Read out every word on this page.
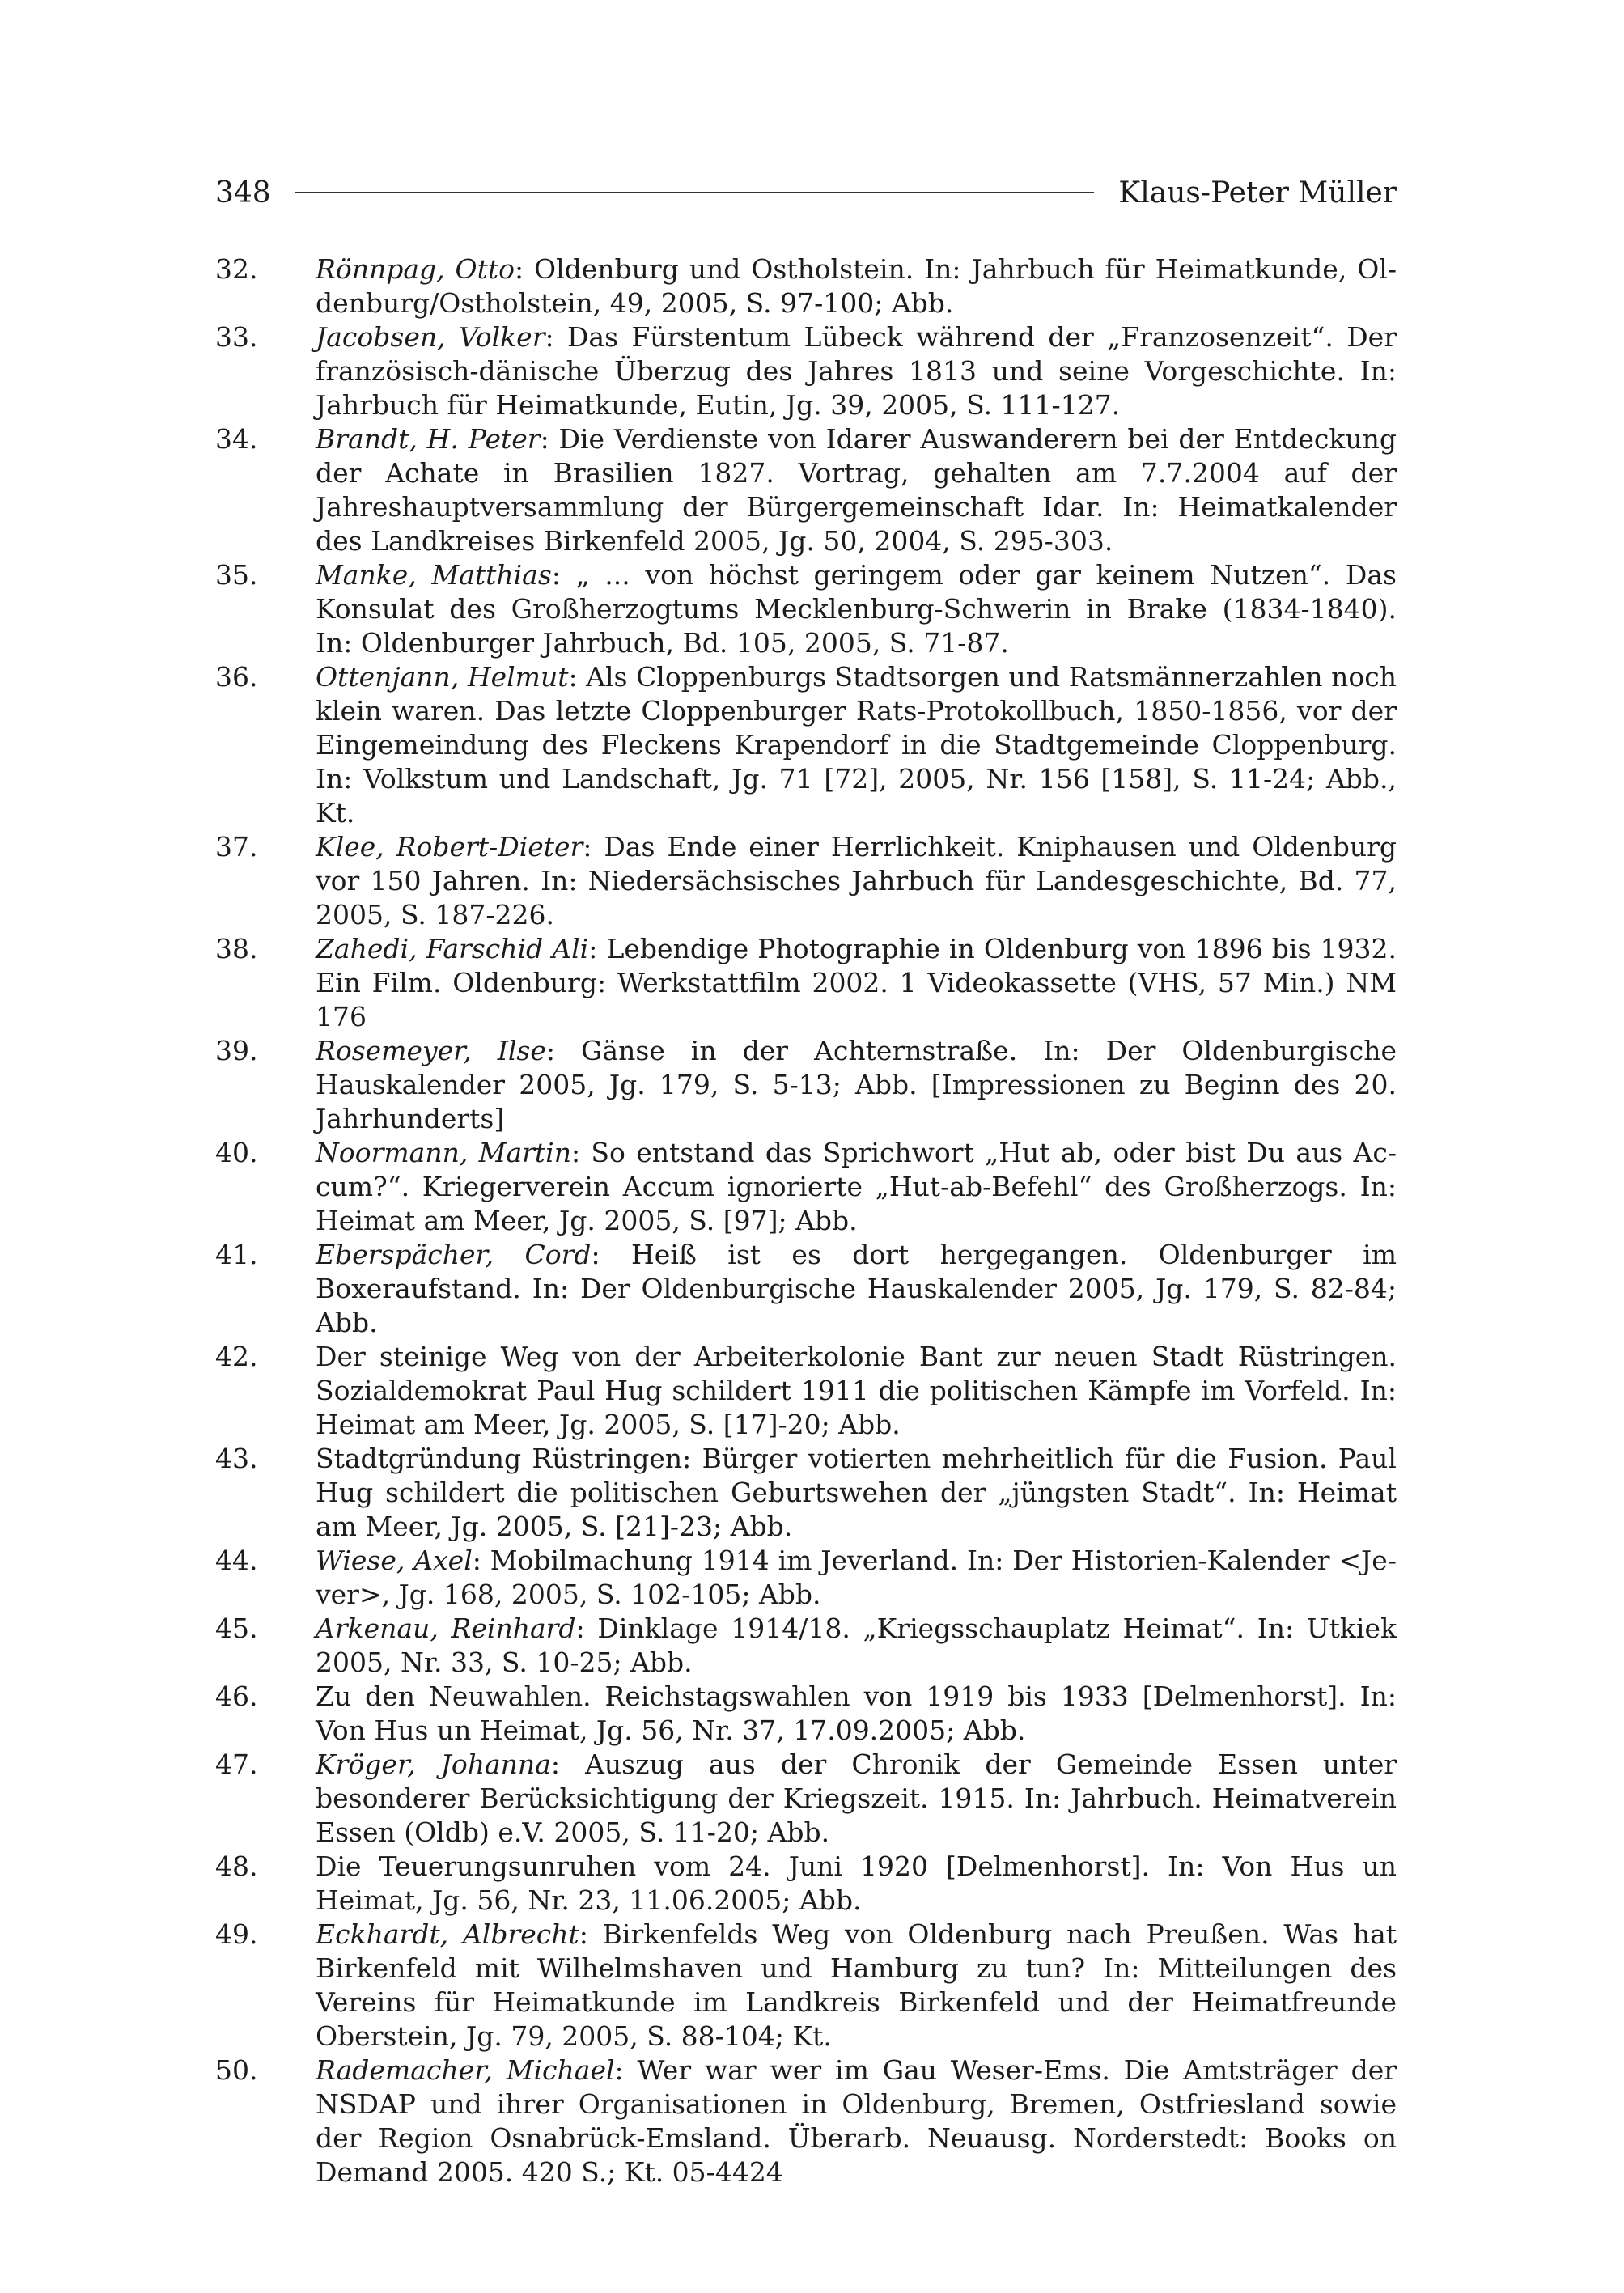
348	Klaus-Peter Müller
32.	Rönnpag, Otto: Oldenburg und Ostholstein. In: Jahrbuch für Heimatkunde, Oldenburg/Ostholstein, 49, 2005, S. 97-100; Abb.
33.	Jacobsen, Volker: Das Fürstentum Lübeck während der „Franzosenzeit“. Der französisch-dänische Überzug des Jahres 1813 und seine Vorgeschichte. In: Jahrbuch für Heimatkunde, Eutin, Jg. 39, 2005, S. 111-127.
34.	Brandt, H. Peter: Die Verdienste von Idarer Auswanderern bei der Entdeckung der Achate in Brasilien 1827. Vortrag, gehalten am 7.7.2004 auf der Jahreshauptversammlung der Bürgergemeinschaft Idar. In: Heimatkalender des Landkreises Birkenfeld 2005, Jg. 50, 2004, S. 295-303.
35.	Manke, Matthias: „ ... von höchst geringem oder gar keinem Nutzen“. Das Konsulat des Großherzogtums Mecklenburg-Schwerin in Brake (1834-1840). In: Oldenburger Jahrbuch, Bd. 105, 2005, S. 71-87.
36.	Ottenjann, Helmut: Als Cloppenburgs Stadtsorgen und Ratsmännerzahlen noch klein waren. Das letzte Cloppenburger Rats-Protokollbuch, 1850-1856, vor der Eingemeindung des Fleckens Krapendorf in die Stadtgemeinde Cloppenburg. In: Volkstum und Landschaft, Jg. 71 [72], 2005, Nr. 156 [158], S. 11-24; Abb., Kt.
37.	Klee, Robert-Dieter: Das Ende einer Herrlichkeit. Kniphausen und Oldenburg vor 150 Jahren. In: Niedersächsisches Jahrbuch für Landesgeschichte, Bd. 77, 2005, S. 187-226.
38.	Zahedi, Farschid Ali: Lebendige Photographie in Oldenburg von 1896 bis 1932. Ein Film. Oldenburg: Werkstattfilm 2002. 1 Videokassette (VHS, 57 Min.) NM 176
39.	Rosemeyer, Ilse: Gänse in der Achternstraße. In: Der Oldenburgische Hauskalender 2005, Jg. 179, S. 5-13; Abb. [Impressionen zu Beginn des 20. Jahrhunderts]
40.	Noormann, Martin: So entstand das Sprichwort „Hut ab, oder bist Du aus Accum?“. Kriegerverein Accum ignorierte „Hut-ab-Befehl“ des Großherzogs. In: Heimat am Meer, Jg. 2005, S. [97]; Abb.
41.	Eberspächer, Cord: Heiß ist es dort hergegangen. Oldenburger im Boxeraufstand. In: Der Oldenburgische Hauskalender 2005, Jg. 179, S. 82-84; Abb.
42.	Der steinige Weg von der Arbeiterkolonie Bant zur neuen Stadt Rüstringen. Sozialdemokrat Paul Hug schildert 1911 die politischen Kämpfe im Vorfeld. In: Heimat am Meer, Jg. 2005, S. [17]-20; Abb.
43.	Stadtgründung Rüstringen: Bürger votierten mehrheitlich für die Fusion. Paul Hug schildert die politischen Geburtswehen der „jüngsten Stadt“. In: Heimat am Meer, Jg. 2005, S. [21]-23; Abb.
44.	Wiese, Axel: Mobilmachung 1914 im Jeverland. In: Der Historien-Kalender <Jever>, Jg. 168, 2005, S. 102-105; Abb.
45.	Arkenau, Reinhard: Dinklage 1914/18. „Kriegsschauplatz Heimat“. In: Utkiek 2005, Nr. 33, S. 10-25; Abb.
46.	Zu den Neuwahlen. Reichstagswahlen von 1919 bis 1933 [Delmenhorst]. In: Von Hus un Heimat, Jg. 56, Nr. 37, 17.09.2005; Abb.
47.	Kröger, Johanna: Auszug aus der Chronik der Gemeinde Essen unter besonderer Berücksichtigung der Kriegszeit. 1915. In: Jahrbuch. Heimatverein Essen (Oldb) e.V. 2005, S. 11-20; Abb.
48.	Die Teuerungsunruhen vom 24. Juni 1920 [Delmenhorst]. In: Von Hus un Heimat, Jg. 56, Nr. 23, 11.06.2005; Abb.
49.	Eckhardt, Albrecht: Birkenfelds Weg von Oldenburg nach Preußen. Was hat Birkenfeld mit Wilhelmshaven und Hamburg zu tun? In: Mitteilungen des Vereins für Heimatkunde im Landkreis Birkenfeld und der Heimatfreunde Oberstein, Jg. 79, 2005, S. 88-104; Kt.
50.	Rademacher, Michael: Wer war wer im Gau Weser-Ems. Die Amtsträger der NSDAP und ihrer Organisationen in Oldenburg, Bremen, Ostfriesland sowie der Region Osnabrück-Emsland. Überarb. Neuausg. Norderstedt: Books on Demand 2005. 420 S.; Kt. 05-4424
